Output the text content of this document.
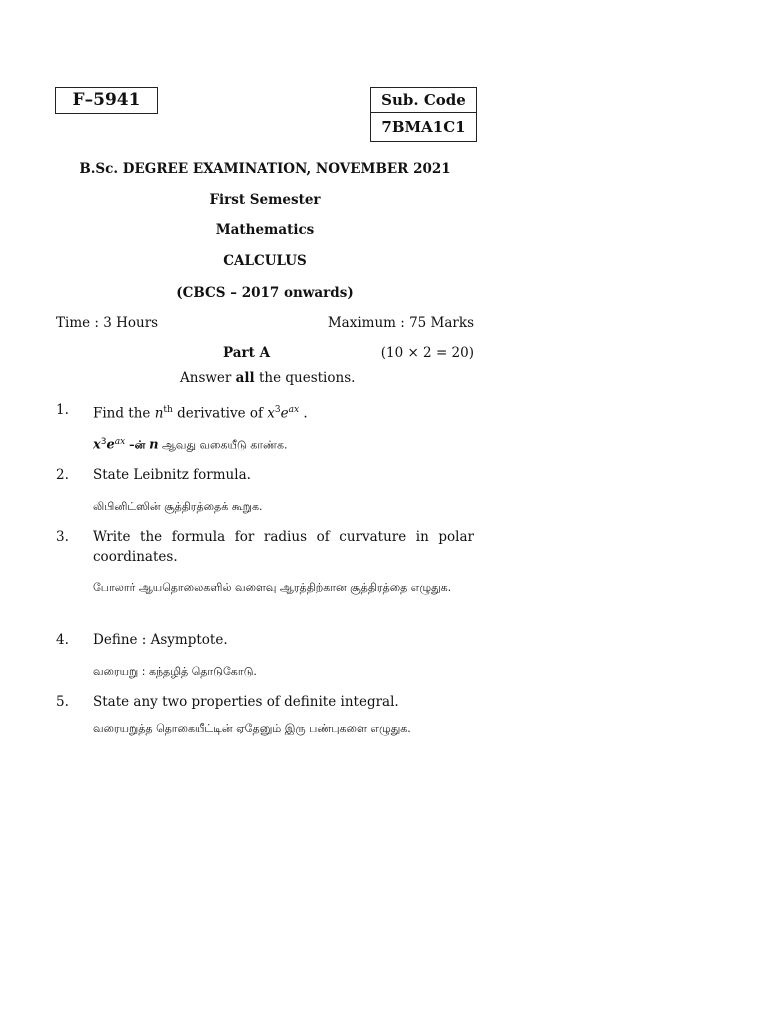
F–5941	Sub. Code
7BMA1C1
B.Sc. DEGREE EXAMINATION, NOVEMBER 2021
First Semester
Mathematics
CALCULUS
(CBCS – 2017 onwards)
Time : 3 Hours	Maximum : 75 Marks
Part A	(10 × 2 = 20)
Answer all the questions.
1. Find the $n^{th}$ derivative of $x^3e^{ax}$ .
$x^3e^{ax}$ –ன் n ஆவது வகையீடு காண்க.
2. State Leibnitz formula.
லிபினிட்ஸின் சூத்திரத்தைக் கூறுக.
3. Write the formula for radius of curvature in polar coordinates.
போலார் ஆயதொலைகளில் வளைவு ஆரத்திற்கான சூத்திரத்தை எழுதுக.
4. Define : Asymptote.
வரையறு : கந்தழித் தொடுகோடு.
5. State any two properties of definite integral.
வரையறுத்த தொகையீட்டின் ஏதேனும் இரு பண்புகளை எழுதுக.
